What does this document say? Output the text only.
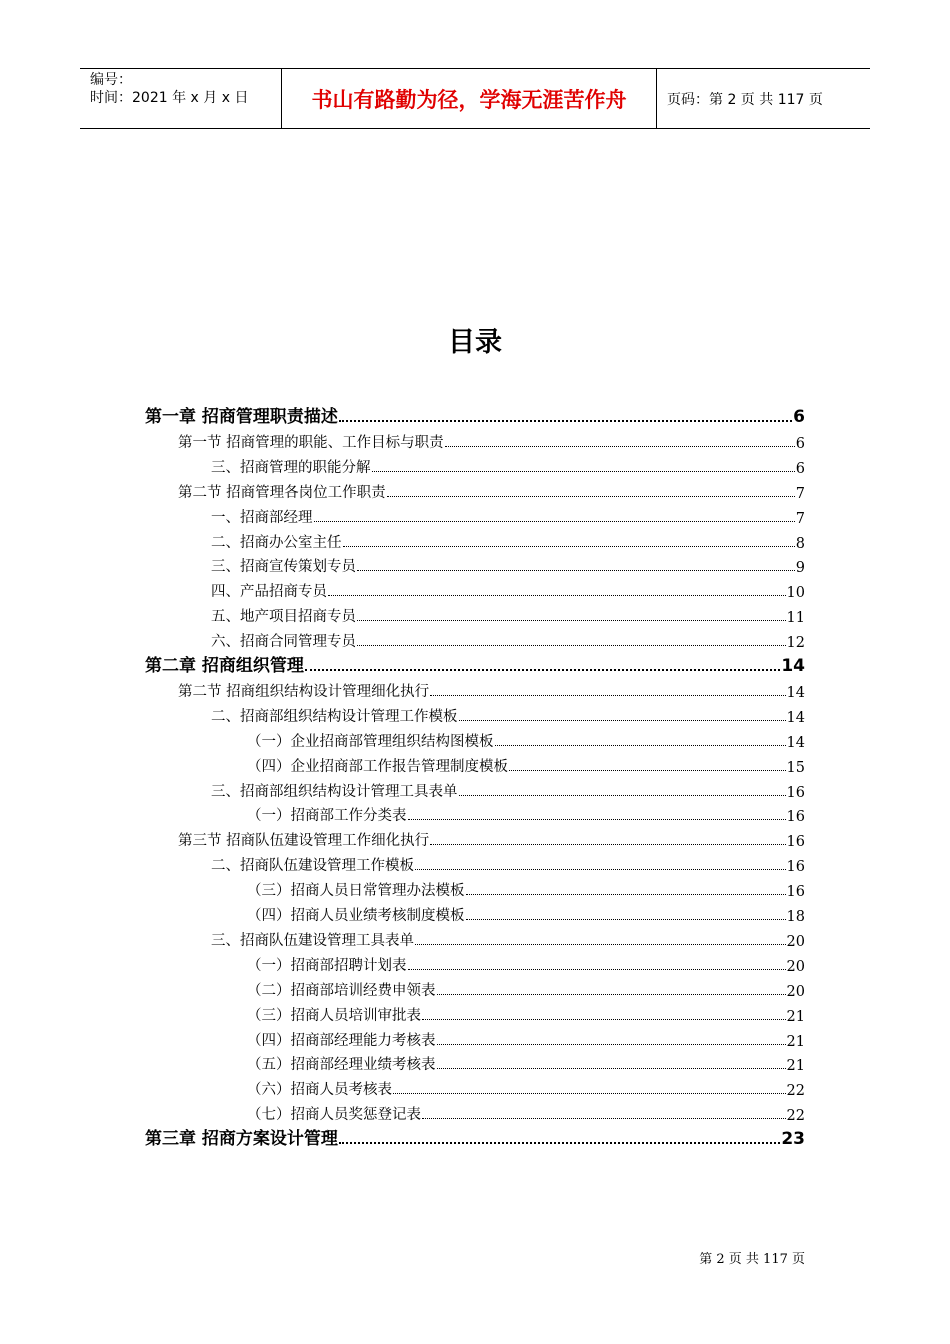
编号：
时间：2021 年 x 月 x 日	书山有路勤为径，学海无涯苦作舟	页码：第 2 页 共 117 页
目录
第一章 招商管理职责描述	6
第一节 招商管理的职能、工作目标与职责	6
三、招商管理的职能分解	6
第二节 招商管理各岗位工作职责	7
一、招商部经理	7
二、招商办公室主任	8
三、招商宣传策划专员	9
四、产品招商专员	10
五、地产项目招商专员	11
六、招商合同管理专员	12
第二章 招商组织管理	14
第二节 招商组织结构设计管理细化执行	14
二、招商部组织结构设计管理工作模板	14
（一）企业招商部管理组织结构图模板	14
（四）企业招商部工作报告管理制度模板	15
三、招商部组织结构设计管理工具表单	16
（一）招商部工作分类表	16
第三节 招商队伍建设管理工作细化执行	16
二、招商队伍建设管理工作模板	16
（三）招商人员日常管理办法模板	16
（四）招商人员业绩考核制度模板	18
三、招商队伍建设管理工具表单	20
（一）招商部招聘计划表	20
（二）招商部培训经费申领表	20
（三）招商人员培训审批表	21
（四）招商部经理能力考核表	21
（五）招商部经理业绩考核表	21
（六）招商人员考核表	22
（七）招商人员奖惩登记表	22
第三章 招商方案设计管理	23
第 2 页 共 117 页
